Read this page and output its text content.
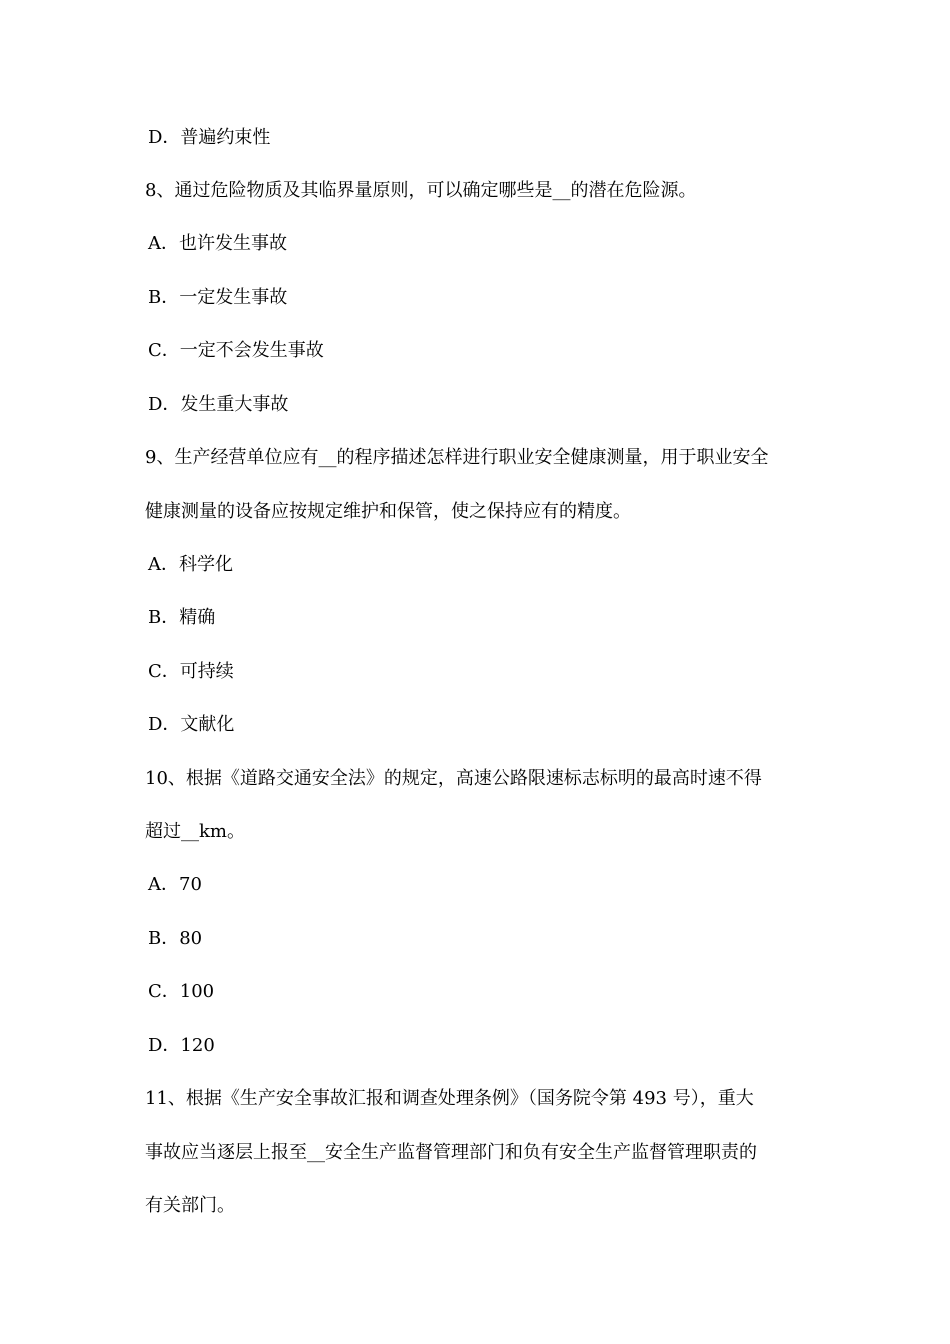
D．普遍约束性
8、通过危险物质及其临界量原则，可以确定哪些是__的潜在危险源。
A．也许发生事故
B．一定发生事故
C．一定不会发生事故
D．发生重大事故
9、生产经营单位应有__的程序描述怎样进行职业安全健康测量，用于职业安全
健康测量的设备应按规定维护和保管，使之保持应有的精度。
A．科学化
B．精确
C．可持续
D．文献化
10、根据《道路交通安全法》的规定，高速公路限速标志标明的最高时速不得
超过__km。
A．70
B．80
C．100
D．120
11、根据《生产安全事故汇报和调查处理条例》（国务院令第 493 号），重大
事故应当逐层上报至__安全生产监督管理部门和负有安全生产监督管理职责的
有关部门。
